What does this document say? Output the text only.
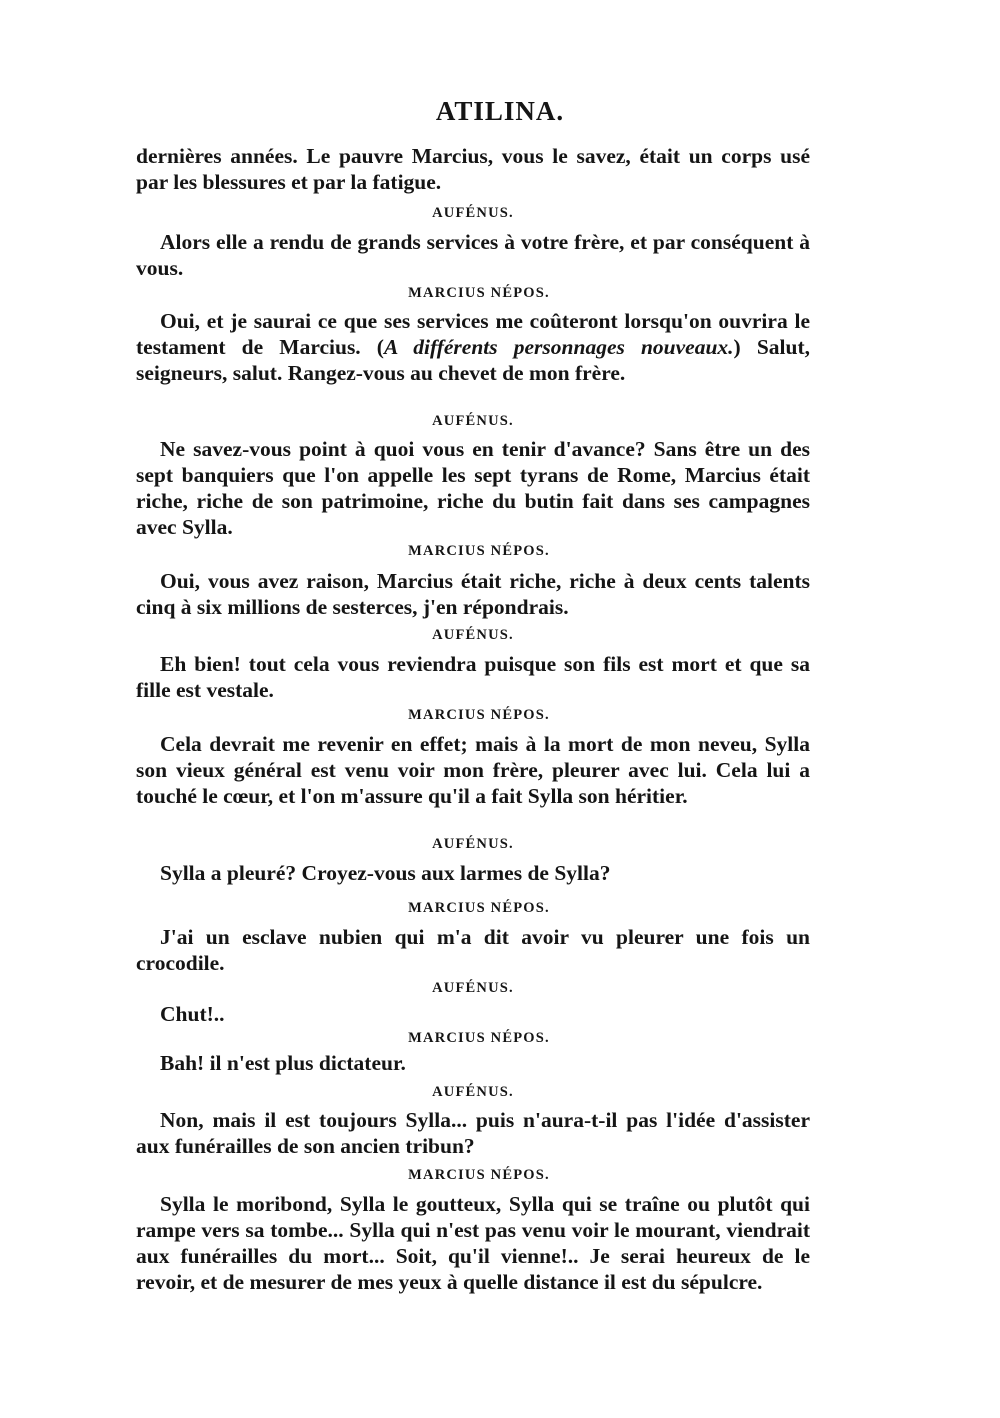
ATILINA.

dernières années. Le pauvre Marcius, vous le savez, était un corps usé par les blessures et par la fatigue.

AUFÉNUS.

Alors elle a rendu de grands services à votre frère, et par conséquent à vous.

MARCIUS NÉPOS.

Oui, et je saurai ce que ses services me coûteront lorsqu'on ouvrira le testament de Marcius. (A différents personnages nouveaux.) Salut, seigneurs, salut. Rangez-vous au chevet de mon frère.

AUFÉNUS.

Ne savez-vous point à quoi vous en tenir d'avance? Sans être un des sept banquiers que l'on appelle les sept tyrans de Rome, Marcius était riche, riche de son patrimoine, riche du butin fait dans ses campagnes avec Sylla.

MARCIUS NÉPOS.

Oui, vous avez raison, Marcius était riche, riche à deux cents talents cinq à six millions de sesterces, j'en répondrais.

AUFÉNUS.

Eh bien! tout cela vous reviendra puisque son fils est mort et que sa fille est vestale.

MARCIUS NÉPOS.

Cela devrait me revenir en effet; mais à la mort de mon neveu, Sylla son vieux général est venu voir mon frère, pleurer avec lui. Cela lui a touché le cœur, et l'on m'assure qu'il a fait Sylla son héritier.

AUFÉNUS.

Sylla a pleuré? Croyez-vous aux larmes de Sylla?

MARCIUS NÉPOS.

J'ai un esclave nubien qui m'a dit avoir vu pleurer une fois un crocodile.

AUFÉNUS.

Chut!..

MARCIUS NÉPOS.

Bah! il n'est plus dictateur.

AUFÉNUS.

Non, mais il est toujours Sylla... puis n'aura-t-il pas l'idée d'assister aux funérailles de son ancien tribun?

MARCIUS NÉPOS.

Sylla le moribond, Sylla le goutteux, Sylla qui se traîne ou plutôt qui rampe vers sa tombe... Sylla qui n'est pas venu voir le mourant, viendrait aux funérailles du mort... Soit, qu'il vienne!.. Je serai heureux de le revoir, et de mesurer de mes yeux à quelle distance il est du sépulcre.
